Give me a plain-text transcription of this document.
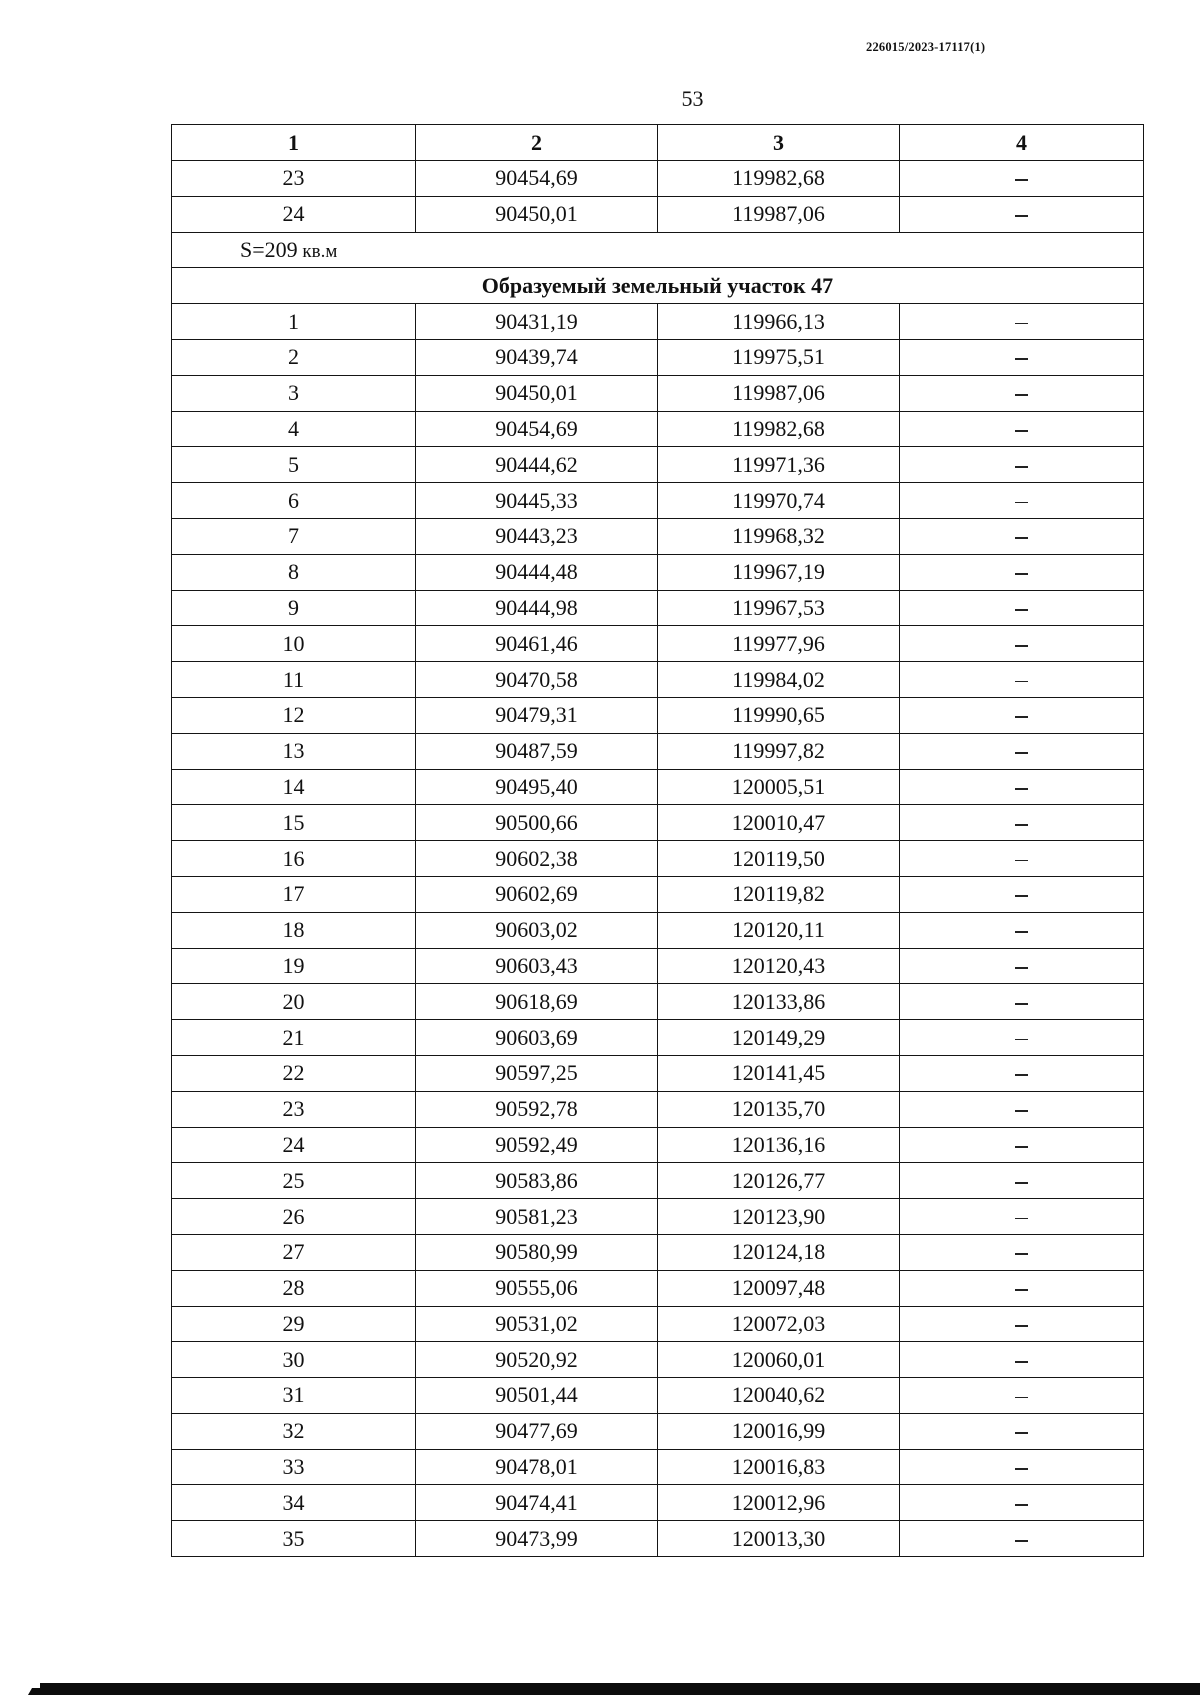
226015/2023-17117(1)
53
1	2	3	4
23	90454,69	119982,68	
24	90450,01	119987,06	
S=209 кв.м			
Образуемый земельный участок 47			
1	90431,19	119966,13	
2	90439,74	119975,51	
3	90450,01	119987,06	
4	90454,69	119982,68	
5	90444,62	119971,36	
6	90445,33	119970,74	
7	90443,23	119968,32	
8	90444,48	119967,19	
9	90444,98	119967,53	
10	90461,46	119977,96	
11	90470,58	119984,02	
12	90479,31	119990,65	
13	90487,59	119997,82	
14	90495,40	120005,51	
15	90500,66	120010,47	
16	90602,38	120119,50	
17	90602,69	120119,82	
18	90603,02	120120,11	
19	90603,43	120120,43	
20	90618,69	120133,86	
21	90603,69	120149,29	
22	90597,25	120141,45	
23	90592,78	120135,70	
24	90592,49	120136,16	
25	90583,86	120126,77	
26	90581,23	120123,90	
27	90580,99	120124,18	
28	90555,06	120097,48	
29	90531,02	120072,03	
30	90520,92	120060,01	
31	90501,44	120040,62	
32	90477,69	120016,99	
33	90478,01	120016,83	
34	90474,41	120012,96	
35	90473,99	120013,30	
